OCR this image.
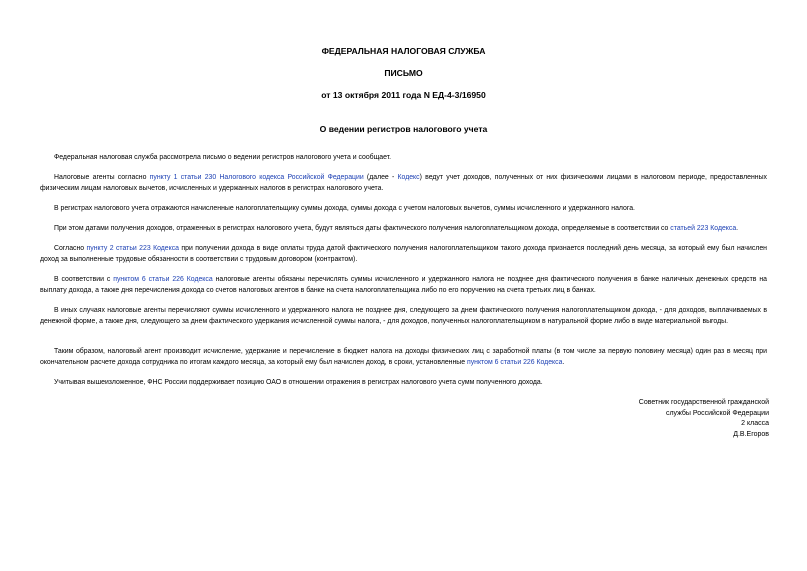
ФЕДЕРАЛЬНАЯ НАЛОГОВАЯ СЛУЖБА
ПИСЬМО
от 13 октября 2011 года N ЕД-4-3/16950
О ведении регистров налогового учета
Федеральная налоговая служба рассмотрела письмо о ведении регистров налогового учета и сообщает.
Налоговые агенты согласно пункту 1 статьи 230 Налогового кодекса Российской Федерации (далее - Кодекс) ведут учет доходов, полученных от них физическими лицами в налоговом периоде, предоставленных физическим лицам налоговых вычетов, исчисленных и удержанных налогов в регистрах налогового учета.
В регистрах налогового учета отражаются начисленные налогоплательщику суммы дохода, суммы дохода с учетом налоговых вычетов, суммы исчисленного и удержанного налога.
При этом датами получения доходов, отраженных в регистрах налогового учета, будут являться даты фактического получения налогоплательщиком дохода, определяемые в соответствии со статьей 223 Кодекса.
Согласно пункту 2 статьи 223 Кодекса при получении дохода в виде оплаты труда датой фактического получения налогоплательщиком такого дохода признается последний день месяца, за который ему был начислен доход за выполненные трудовые обязанности в соответствии с трудовым договором (контрактом).
В соответствии с пунктом 6 статьи 226 Кодекса налоговые агенты обязаны перечислять суммы исчисленного и удержанного налога не позднее дня фактического получения в банке наличных денежных средств на выплату дохода, а также дня перечисления дохода со счетов налоговых агентов в банке на счета налогоплательщика либо по его поручению на счета третьих лиц в банках.
В иных случаях налоговые агенты перечисляют суммы исчисленного и удержанного налога не позднее дня, следующего за днем фактического получения налогоплательщиком дохода, - для доходов, выплачиваемых в денежной форме, а также дня, следующего за днем фактического удержания исчисленной суммы налога, - для доходов, полученных налогоплательщиком в натуральной форме либо в виде материальной выгоды.
Таким образом, налоговый агент производит исчисление, удержание и перечисление в бюджет налога на доходы физических лиц с заработной платы (в том числе за первую половину месяца) один раз в месяц при окончательном расчете дохода сотрудника по итогам каждого месяца, за который ему был начислен доход, в сроки, установленные пунктом 6 статьи 226 Кодекса.
Учитывая вышеизложенное, ФНС России поддерживает позицию ОАО в отношении отражения в регистрах налогового учета сумм полученного дохода.
Советник государственной гражданской
службы Российской Федерации
2 класса
Д.В.Егоров
